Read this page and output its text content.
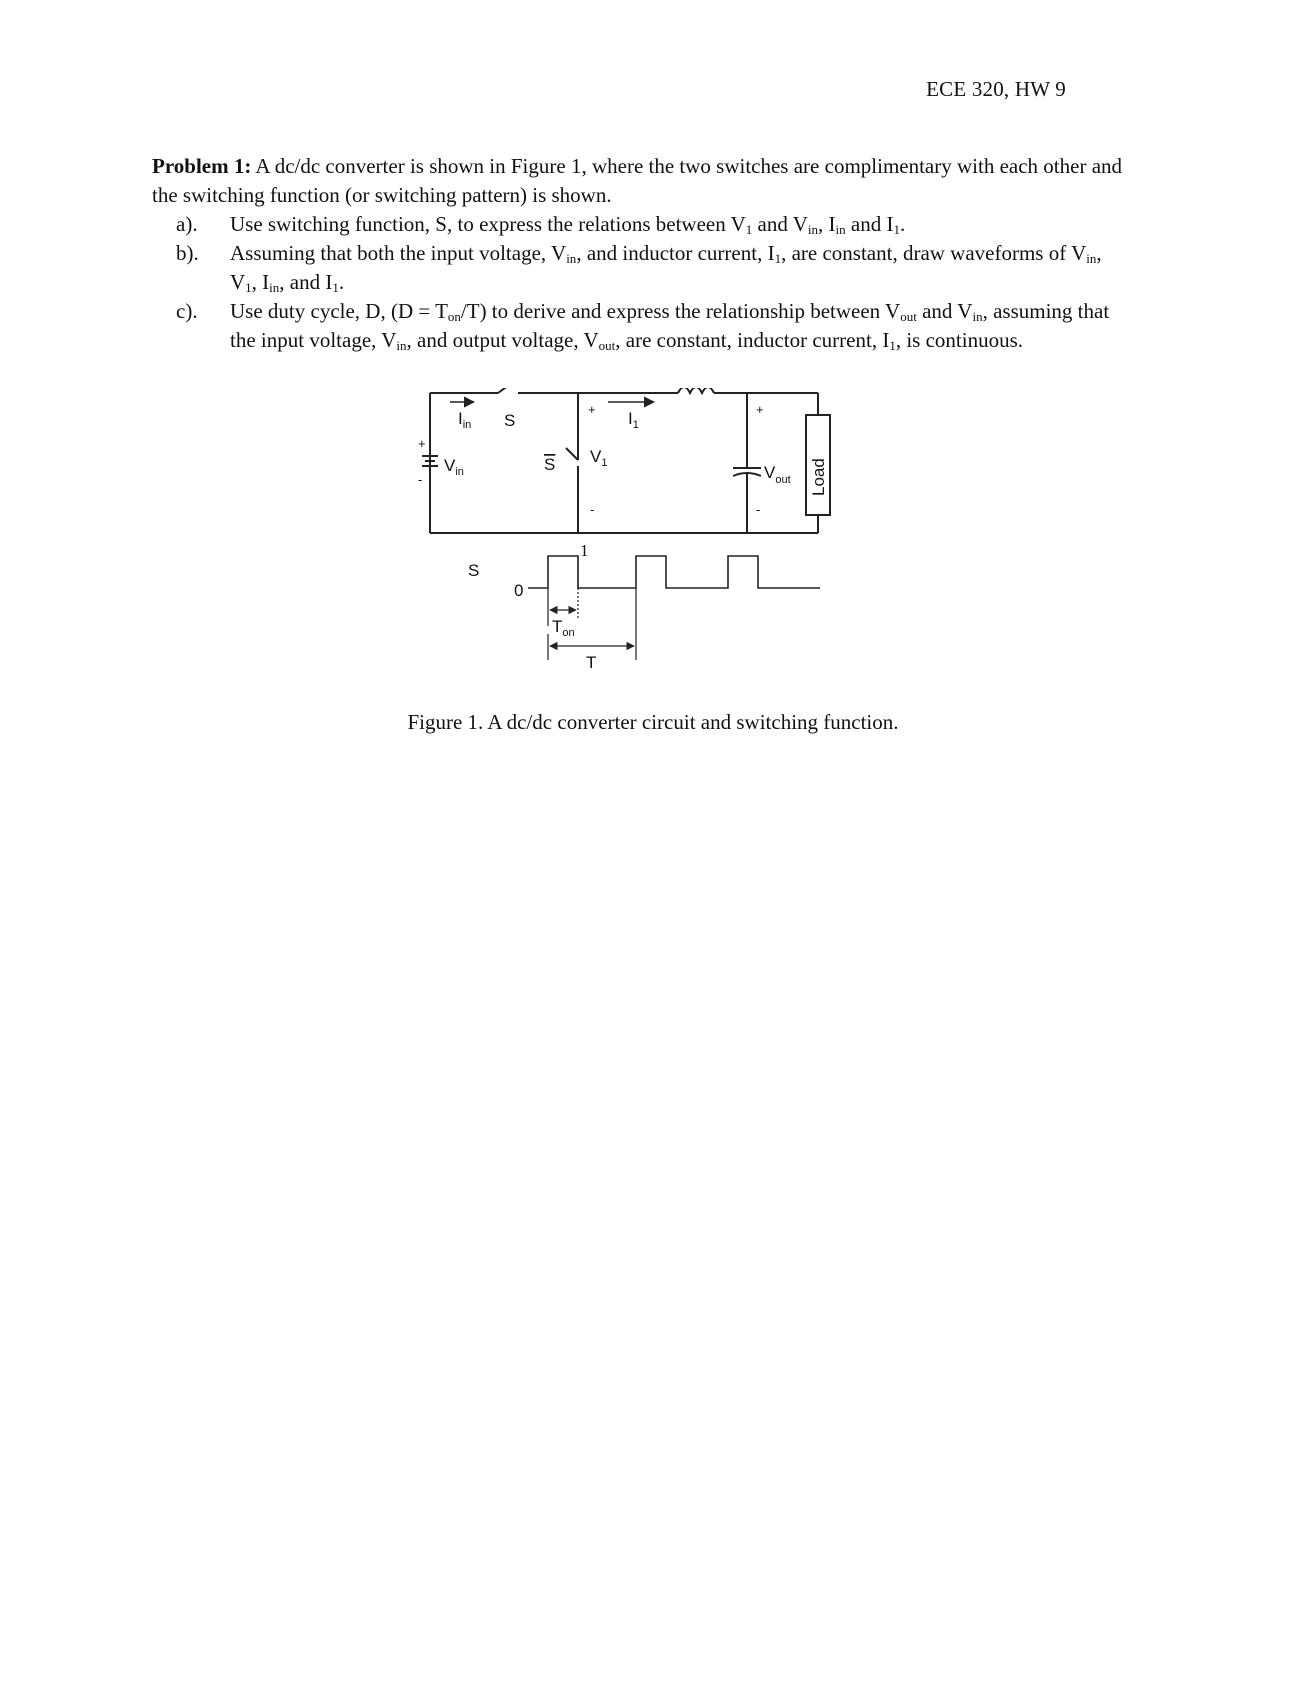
ECE 320, HW 9
Problem 1: A dc/dc converter is shown in Figure 1, where the two switches are complimentary with each other and the switching function (or switching pattern) is shown.
a). Use switching function, S, to express the relations between $V_1$ and $V_{in}$, $I_{in}$ and $I_1$.
b). Assuming that both the input voltage, $V_{in}$, and inductor current, $I_1$, are constant, draw waveforms of $V_{in}$, $V_1$, $I_{in}$, and $I_1$.
c). Use duty cycle, D, $(D = T_{on}/T)$ to derive and express the relationship between $V_{out}$ and $V_{in}$, assuming that the input voltage, $V_{in}$, and output voltage, $V_{out}$, are constant, inductor current, $I_1$, is continuous.
$V_{in}$
+
-
$I_{in}$ S
S
+
$V_1$
-
$I_1$
+
$V_{out}$
-
Load
S
1
0
$T_{on}$
T
Figure 1. A dc/dc converter circuit and switching function.
